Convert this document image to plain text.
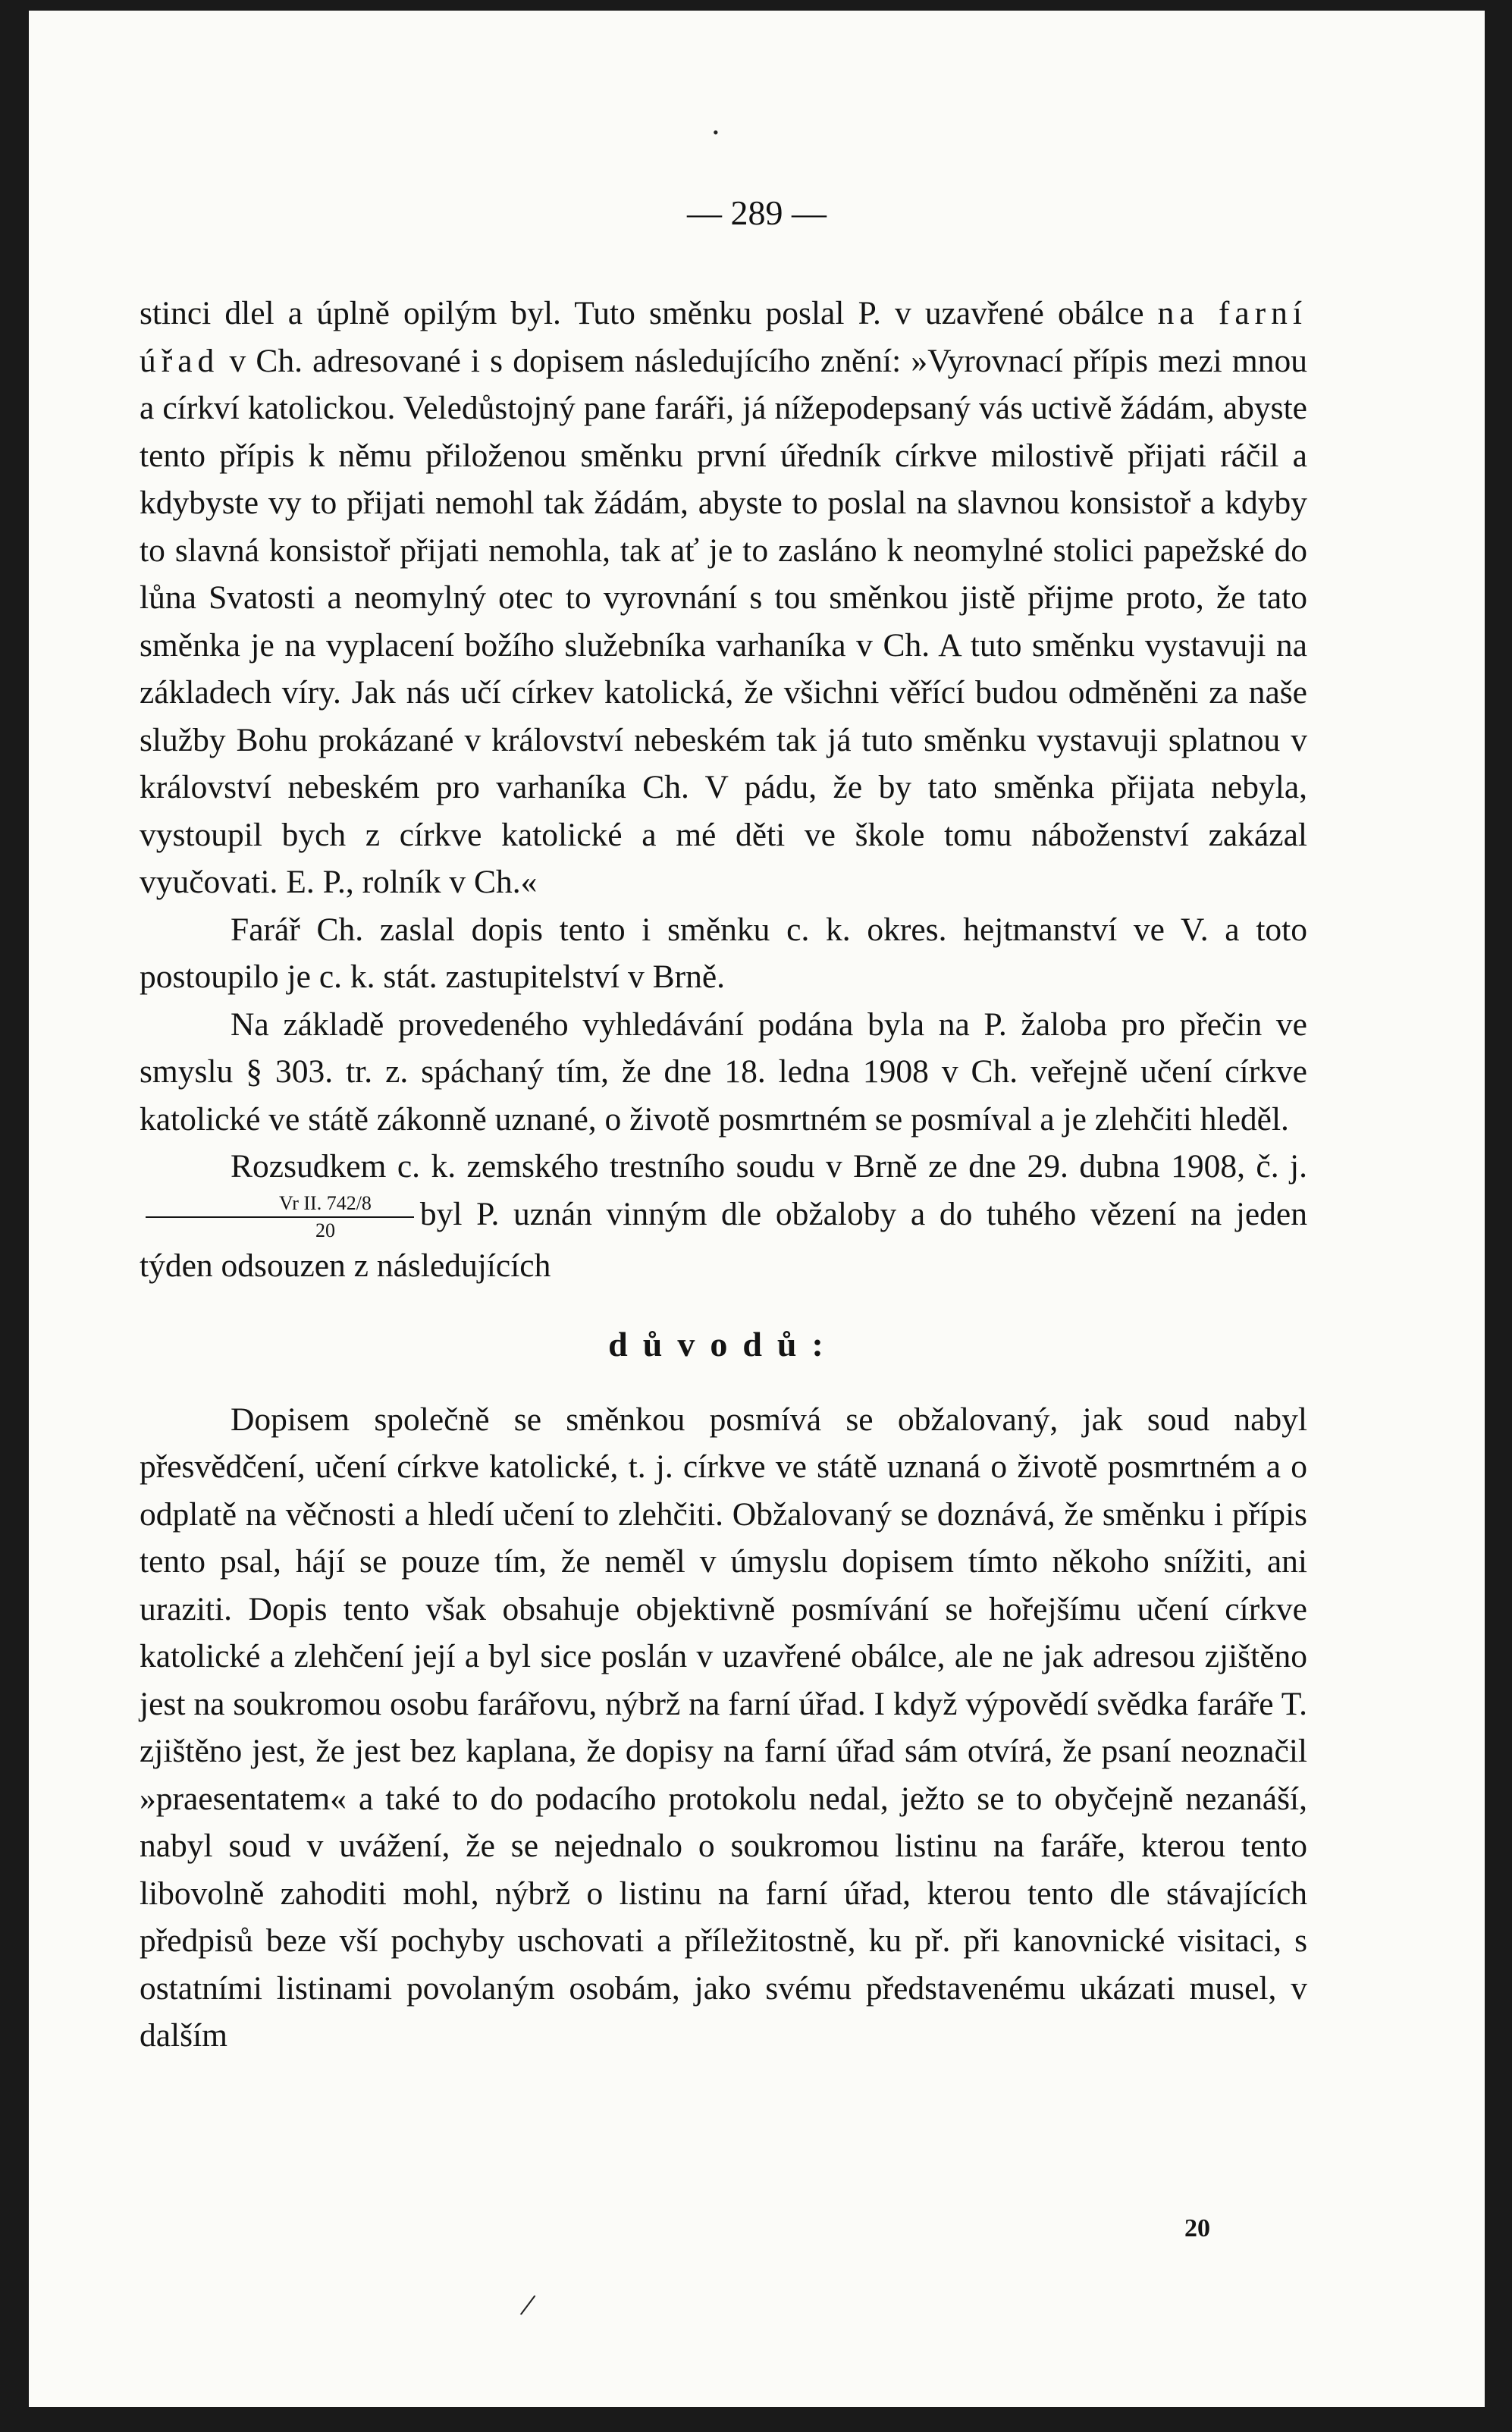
•
— 289 —

stinci dlel a úplně opilým byl. Tuto směnku poslal P. v uzavřené obálce na farní úřad v Ch. adresované i s dopisem následujícího znění: »Vyrovnací přípis mezi mnou a církví katolickou. Veledůstojný pane faráři, já nížepodepsaný vás uctivě žádám, abyste tento přípis k němu přiloženou směnku první úředník církve milostivě přijati ráčil a kdybyste vy to přijati nemohl tak žádám, abyste to poslal na slavnou konsistoř a kdyby to slavná konsistoř přijati nemohla, tak ať je to zasláno k neomylné stolici papežské do lůna Svatosti a neomylný otec to vyrovnání s tou směnkou jistě přijme proto, že tato směnka je na vyplacení božího služebníka varhaníka v Ch. A tuto směnku vystavuji na základech víry. Jak nás učí církev katolická, že všichni věřící budou odměněni za naše služby Bohu prokázané v království nebeském tak já tuto směnku vystavuji splatnou v království nebeském pro varhaníka Ch. V pádu, že by tato směnka přijata nebyla, vystoupil bych z církve katolické a mé děti ve škole tomu náboženství zakázal vyučovati. E. P., rolník v Ch.«

Farář Ch. zaslal dopis tento i směnku c. k. okres. hejtmanství ve V. a toto postoupilo je c. k. stát. zastupitelství v Brně.

Na základě provedeného vyhledávání podána byla na P. žaloba pro přečin ve smyslu § 303. tr. z. spáchaný tím, že dne 18. ledna 1908 v Ch. veřejně učení církve katolické ve státě zákonně uznané, o životě posmrtném se posmíval a je zlehčiti hleděl.

Rozsudkem c. k. zemského trestního soudu v Brně ze dne 29. dubna 1908, č. j.
$\frac{\text{Vr II. 742/8}}{20}$ byl P. uznán vinným dle obžaloby a do tuhého vězení na jeden týden odsouzen z následujících

důvodů:

Dopisem společně se směnkou posmívá se obžalovaný, jak soud nabyl přesvědčení, učení církve katolické, t. j. církve ve státě uznaná o životě posmrtném a o odplatě na věčnosti a hledí učení to zlehčiti. Obžalovaný se doznává, že směnku i přípis tento psal, hájí se pouze tím, že neměl v úmyslu dopisem tímto někoho snížiti, ani uraziti. Dopis tento však obsahuje objektivně posmívání se hořejšímu učení církve katolické a zlehčení její a byl sice poslán v uzavřené obálce, ale ne jak adresou zjištěno jest na soukromou osobu farářovu, nýbrž na farní úřad. I když výpovědí svědka faráře T. zjištěno jest, že jest bez kaplana, že dopisy na farní úřad sám otvírá, že psaní neoznačil »praesentatem« a také to do podacího protokolu nedal, ježto se to obyčejně nezanáší, nabyl soud v uvážení, že se nejednalo o soukromou listinu na faráře, kterou tento libovolně zahoditi mohl, nýbrž o listinu na farní úřad, kterou tento dle stávajících předpisů beze vší pochyby uschovati a příležitostně, ku př. při kanovnické visitaci, s ostatními listinami povolaným osobám, jako svému představenému ukázati musel, v dalším

20
/
